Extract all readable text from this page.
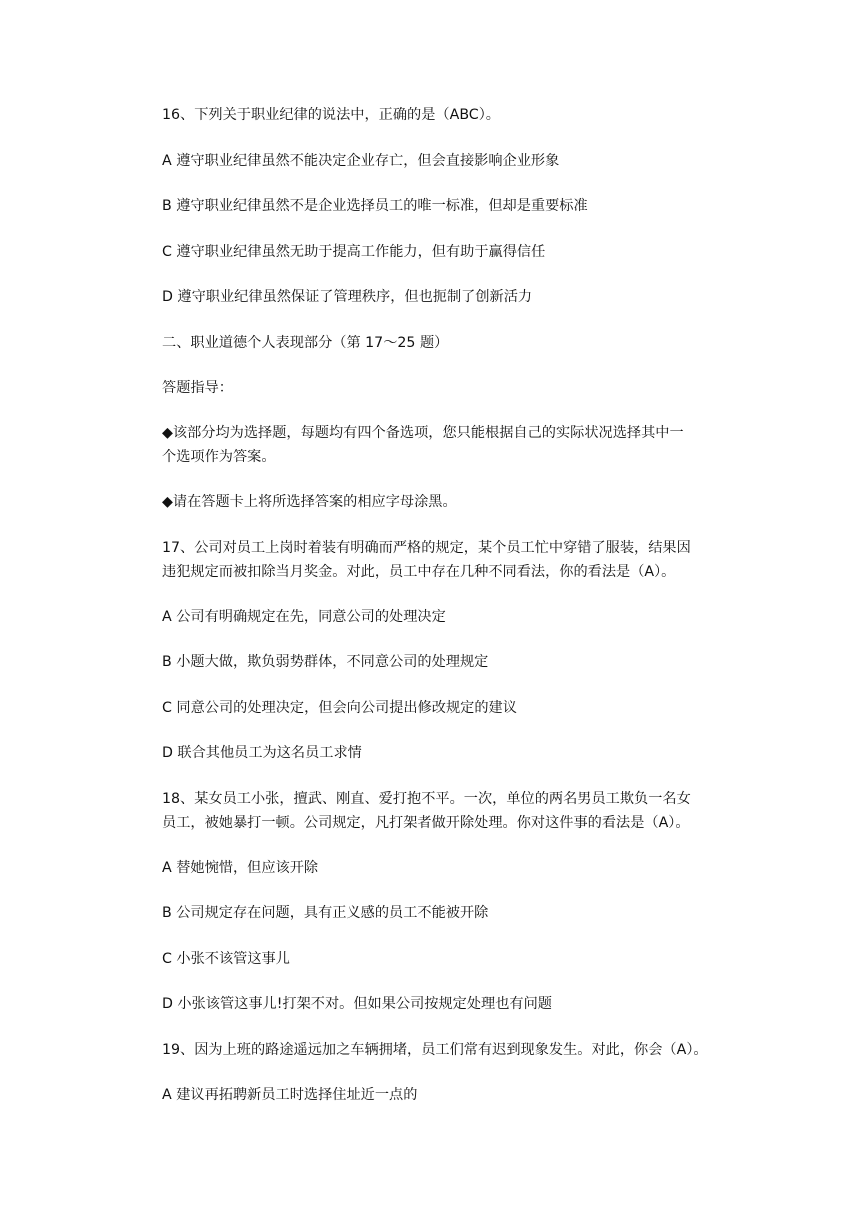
16、下列关于职业纪律的说法中，正确的是（ABC）。
A 遵守职业纪律虽然不能决定企业存亡，但会直接影响企业形象
B 遵守职业纪律虽然不是企业选择员工的唯一标准，但却是重要标准
C 遵守职业纪律虽然无助于提高工作能力，但有助于赢得信任
D 遵守职业纪律虽然保证了管理秩序，但也扼制了创新活力
二、职业道德个人表现部分（第 17～25 题）
答题指导：
◆该部分均为选择题，每题均有四个备选项，您只能根据自己的实际状况选择其中一
个选项作为答案。
◆请在答题卡上将所选择答案的相应字母涂黑。
17、公司对员工上岗时着装有明确而严格的规定，某个员工忙中穿错了服装，结果因
违犯规定而被扣除当月奖金。对此，员工中存在几种不同看法，你的看法是（A）。
A 公司有明确规定在先，同意公司的处理决定
B 小题大做，欺负弱势群体，不同意公司的处理规定
C 同意公司的处理决定，但会向公司提出修改规定的建议
D 联合其他员工为这名员工求情
18、某女员工小张，擅武、刚直、爱打抱不平。一次，单位的两名男员工欺负一名女
员工，被她暴打一顿。公司规定，凡打架者做开除处理。你对这件事的看法是（A）。
A 替她惋惜，但应该开除
B 公司规定存在问题，具有正义感的员工不能被开除
C 小张不该管这事儿
D 小张该管这事儿!打架不对。但如果公司按规定处理也有问题
19、因为上班的路途遥远加之车辆拥堵，员工们常有迟到现象发生。对此，你会（A）。
A 建议再拓聘新员工时选择住址近一点的
